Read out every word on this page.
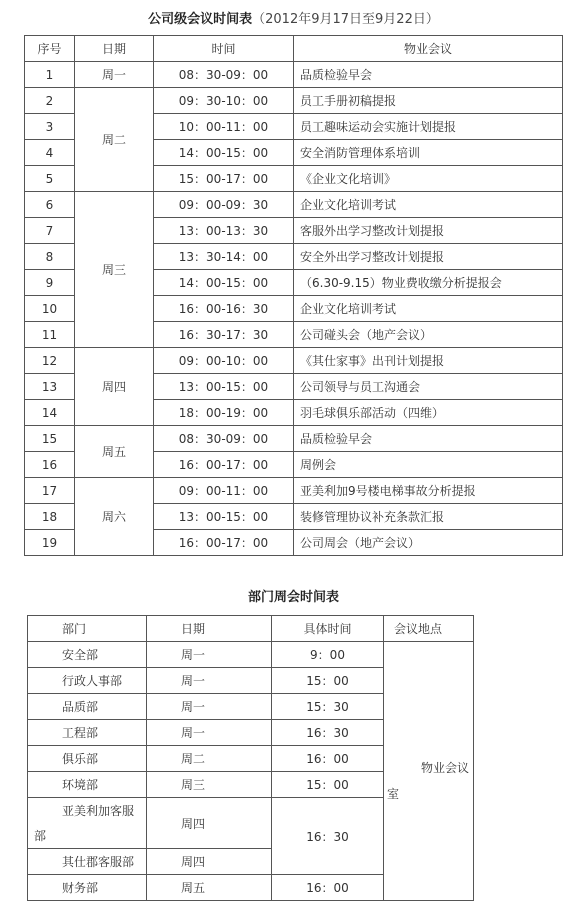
公司级会议时间表（2012年9月17日至9月22日）
序号	日期	时间	物业会议
1	周一	08：30-09：00	品质检验早会
2	周二	09：30-10：00	员工手册初稿提报
3		10：00-11：00	员工趣味运动会实施计划提报
4		14：00-15：00	安全消防管理体系培训
5		15：00-17：00	《企业文化培训》
6	周三	09：00-09：30	企业文化培训考试
7		13：00-13：30	客服外出学习整改计划提报
8		13：30-14：00	安全外出学习整改计划提报
9		14：00-15：00	（6.30-9.15）物业费收缴分析提报会
10		16：00-16：30	企业文化培训考试
11		16：30-17：30	公司碰头会（地产会议）
12	周四	09：00-10：00	《其仕家事》出刊计划提报
13		13：00-15：00	公司领导与员工沟通会
14		18：00-19：00	羽毛球俱乐部活动（四维）
15	周五	08：30-09：00	品质检验早会
16		16：00-17：00	周例会
17	周六	09：00-11：00	亚美利加9号楼电梯事故分析提报
18		13：00-15：00	装修管理协议补充条款汇报
19		16：00-17：00	公司周会（地产会议）
部门周会时间表
部门	日期	具体时间	会议地点
安全部	周一	9：00	物业会议
室

行政人事部	周一	15：00	
品质部	周一	15：30	
工程部	周一	16：30	
俱乐部	周二	16：00	
环境部	周三	15：00	

亚美利加客服
部	周四	16：30	
其仕郡客服部	周四		
财务部	周五	16：00	
